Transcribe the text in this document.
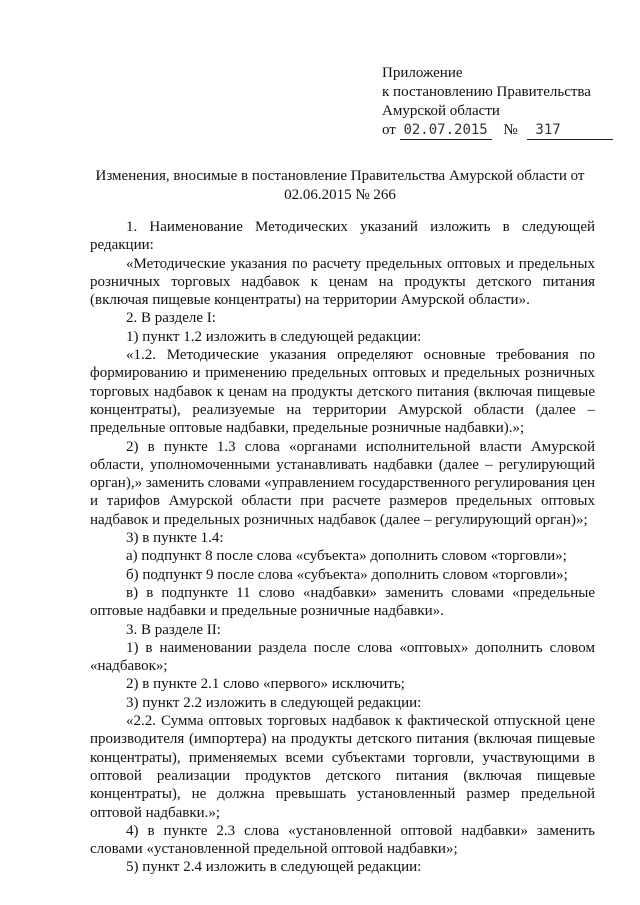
Приложение
к постановлению Правительства
Амурской области
от 02.07.2015 № 317
Изменения, вносимые в постановление Правительства Амурской области от
02.06.2015 № 266

1. Наименование Методических указаний изложить в следующей редакции:

«Методические указания по расчету предельных оптовых и предельных розничных торговых надбавок к ценам на продукты детского питания (включая пищевые концентраты) на территории Амурской области».

2. В разделе I:

1) пункт 1.2 изложить в следующей редакции:

«1.2. Методические указания определяют основные требования по формированию и применению предельных оптовых и предельных розничных торговых надбавок к ценам на продукты детского питания (включая пищевые концентраты), реализуемые на территории Амурской области (далее – предельные оптовые надбавки, предельные розничные надбавки).»;

2) в пункте 1.3 слова «органами исполнительной власти Амурской области, уполномоченными устанавливать надбавки (далее – регулирующий орган),» заменить словами «управлением государственного регулирования цен и тарифов Амурской области при расчете размеров предельных оптовых надбавок и предельных розничных надбавок (далее – регулирующий орган)»;

3) в пункте 1.4:

а) подпункт 8 после слова «субъекта» дополнить словом «торговли»;

б) подпункт 9 после слова «субъекта» дополнить словом «торговли»;

в) в подпункте 11 слово «надбавки» заменить словами «предельные оптовые надбавки и предельные розничные надбавки».

3. В разделе II:

1) в наименовании раздела после слова «оптовых» дополнить словом «надбавок»;

2) в пункте 2.1 слово «первого» исключить;

3) пункт 2.2 изложить в следующей редакции:

«2.2. Сумма оптовых торговых надбавок к фактической отпускной цене производителя (импортера) на продукты детского питания (включая пищевые концентраты), применяемых всеми субъектами торговли, участвующими в оптовой реализации продуктов детского питания (включая пищевые концентраты), не должна превышать установленный размер предельной оптовой надбавки.»;

4) в пункте 2.3 слова «установленной оптовой надбавки» заменить словами «установленной предельной оптовой надбавки»;

5) пункт 2.4 изложить в следующей редакции:
